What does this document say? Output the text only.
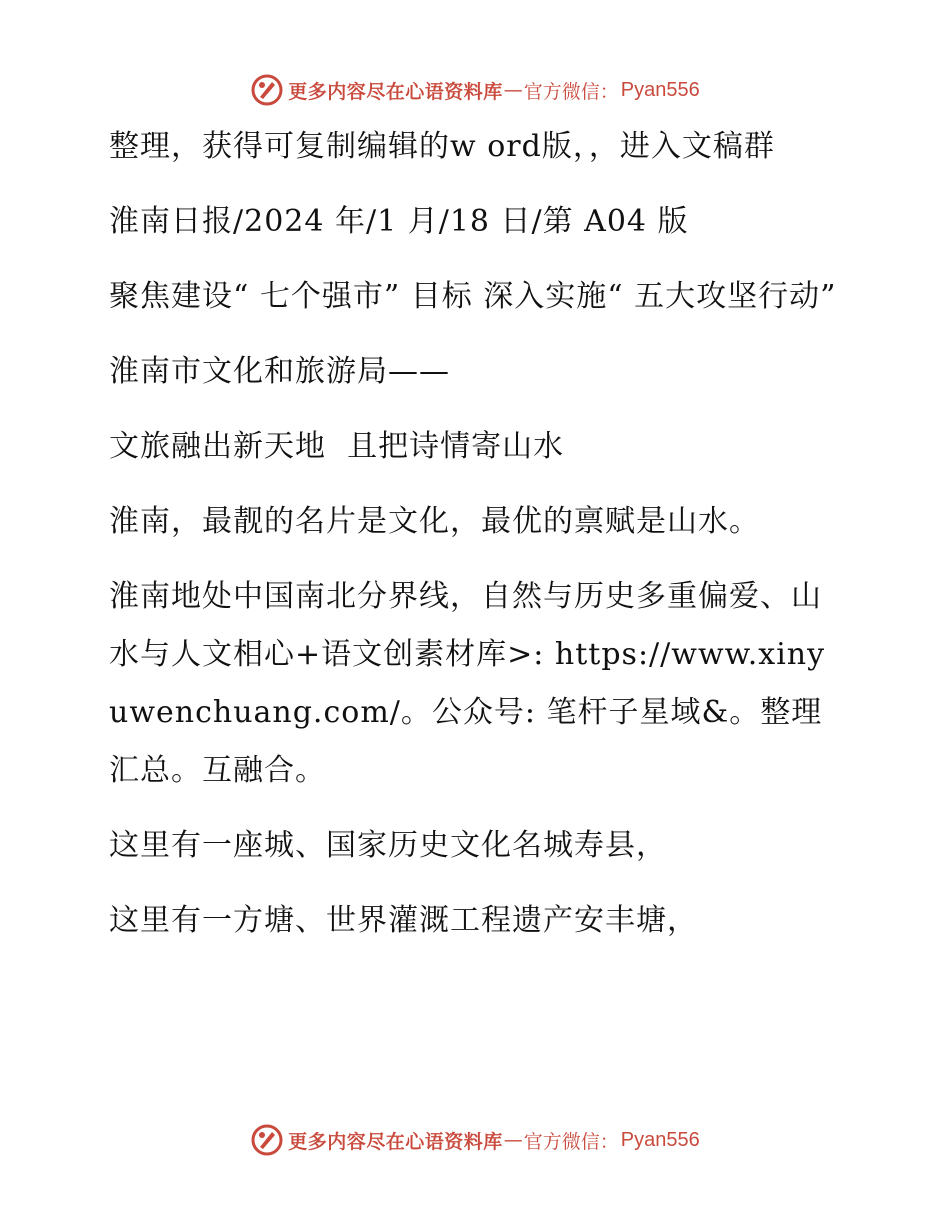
更多内容尽在心语资料库 — 官方微信： Pyan556

整理，获得可复制编辑的w ord版，，进入文稿群

淮南日报/2024 年/1 月/18 日/第 A04 版

聚焦建设“ 七个强市” 目标 深入实施“ 五大攻坚行动”

淮南市文化和旅游局——

文旅融出新天地  且把诗情寄山水

淮南，最靓的名片是文化，最优的禀赋是山水。

淮南地处中国南北分界线，自然与历史多重偏爱、山水与人文相心+语文创素材库>: https://www.xinyuwenchuang.com/。公众号: 笔杆子星域&。整理汇总。互融合。

这里有一座城、国家历史文化名城寿县，

这里有一方塘、世界灌溉工程遗产安丰塘，

更多内容尽在心语资料库 — 官方微信： Pyan556
